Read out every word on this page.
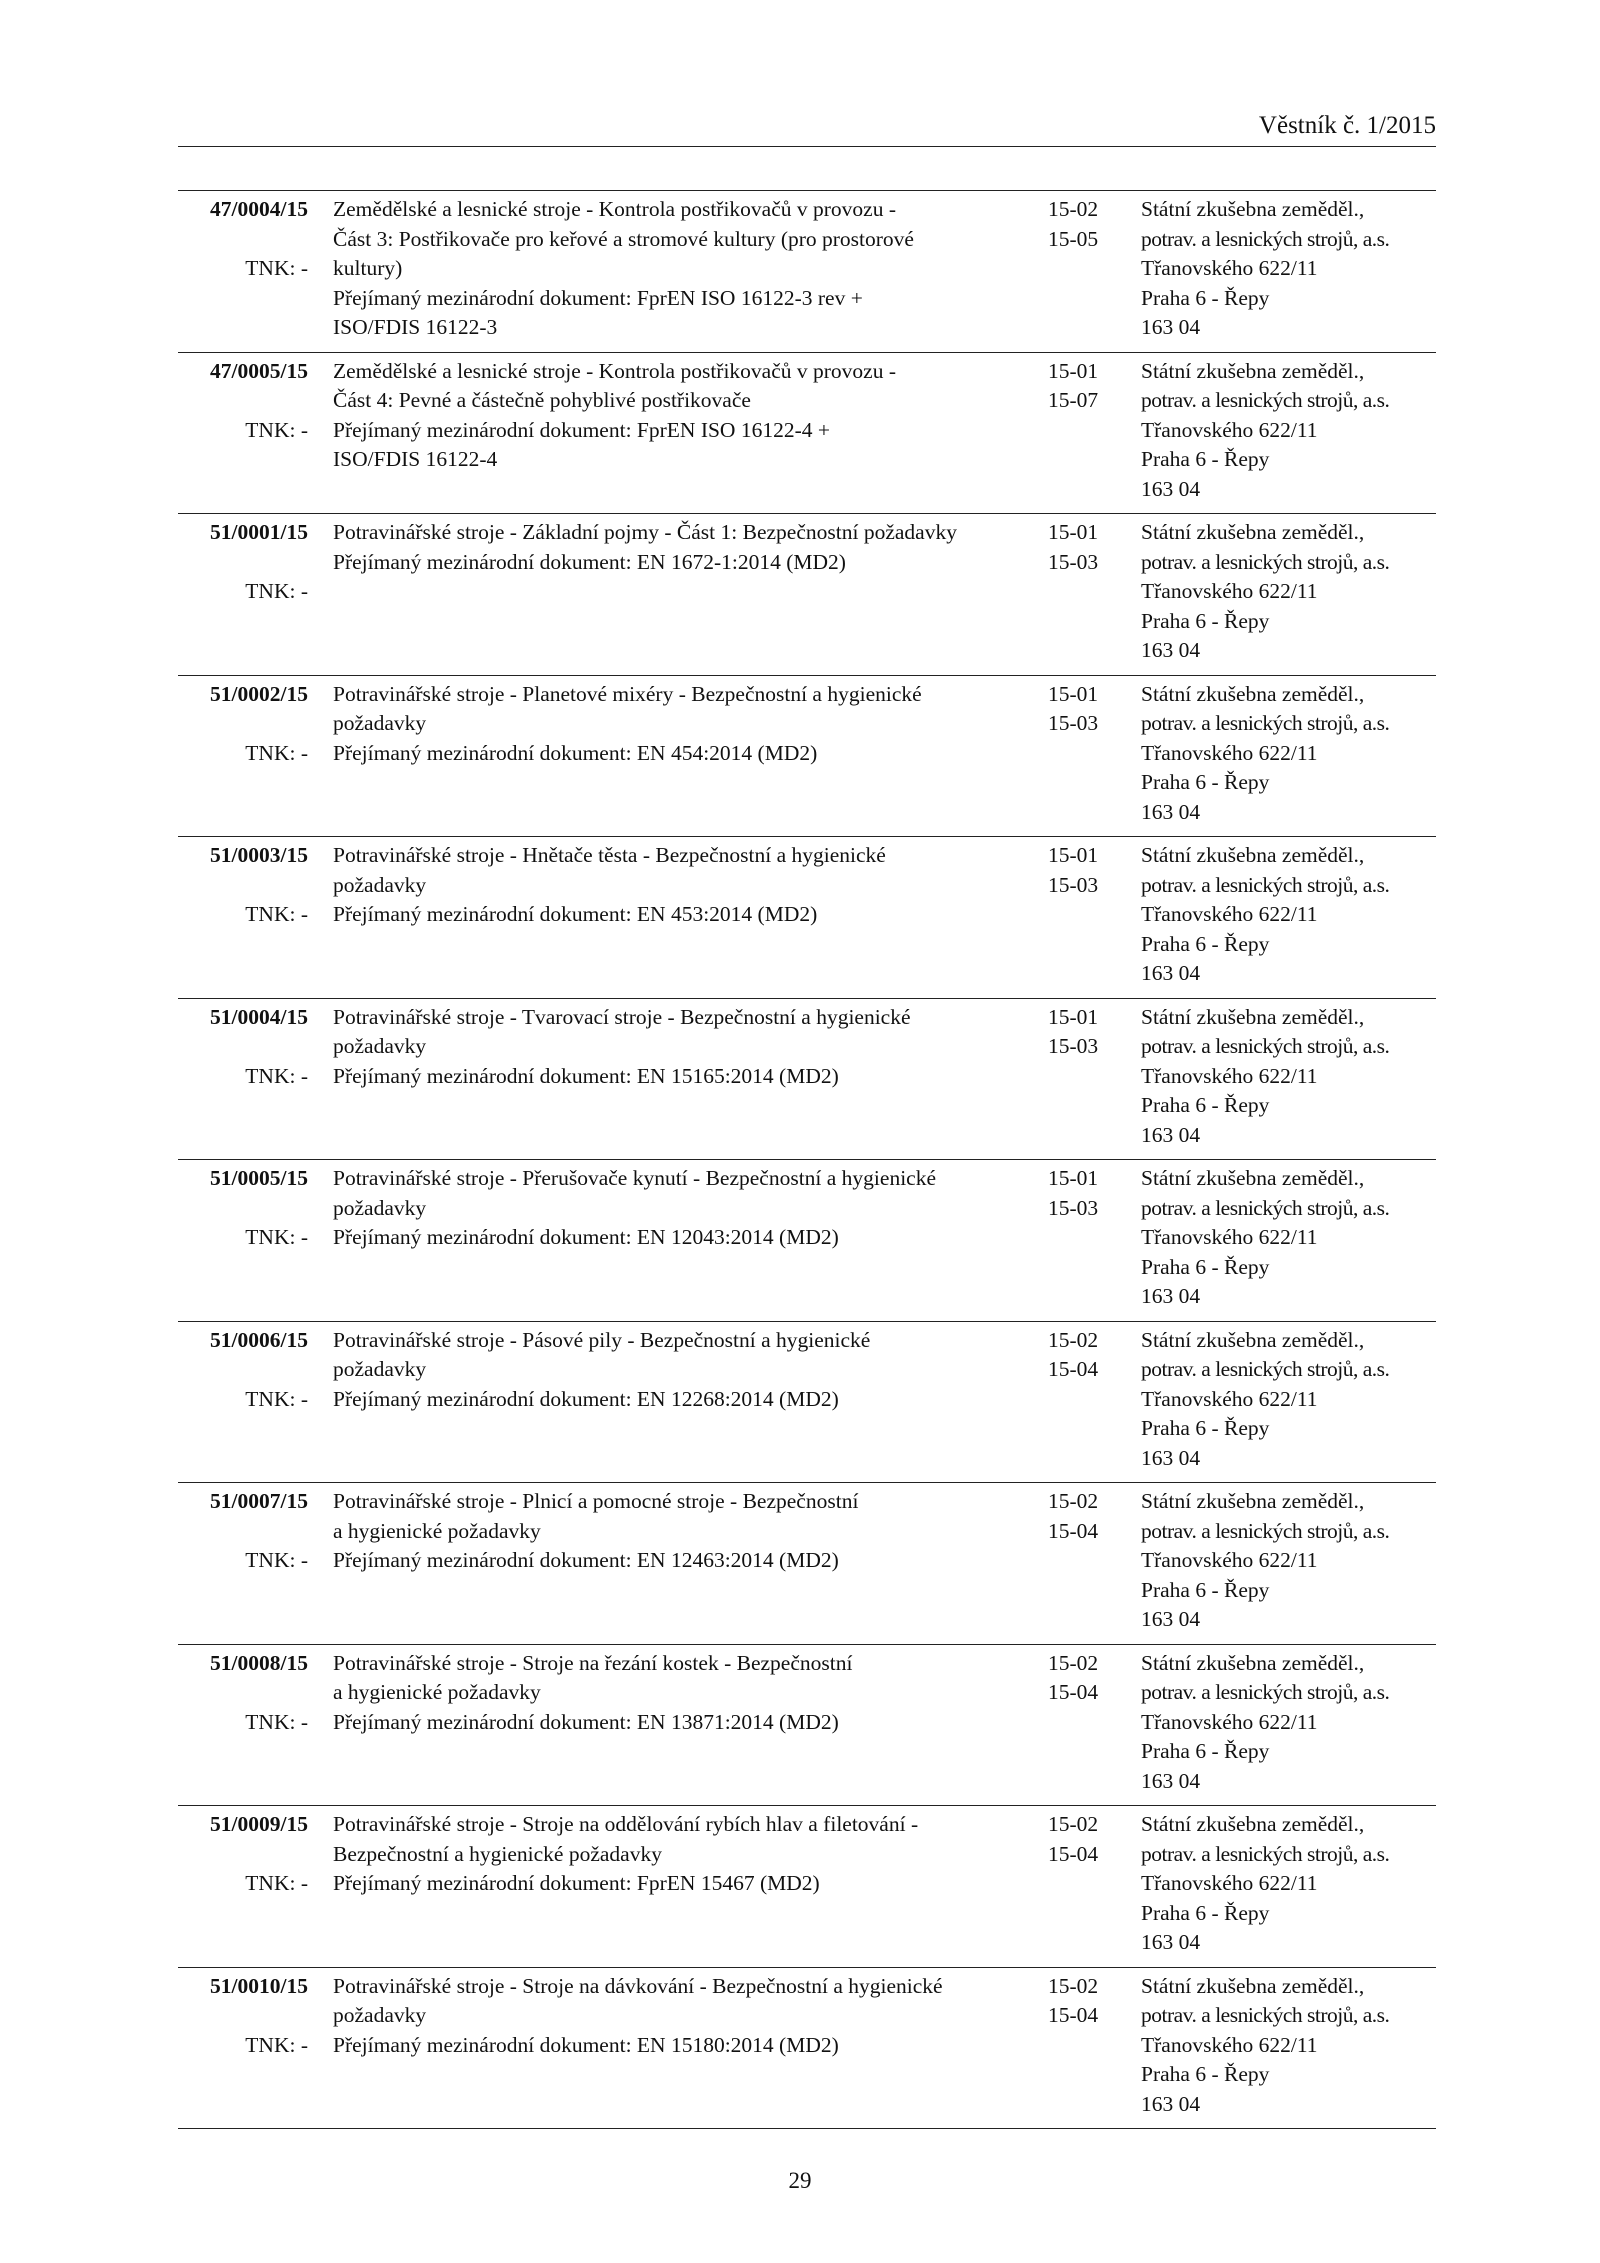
Věstník č. 1/2015
47/0004/15
TNK: -
Zemědělské a lesnické stroje - Kontrola postřikovačů v provozu -
Část 3: Postřikovače pro keřové a stromové kultury (pro prostorové
kultury)
Přejímaný mezinárodní dokument: FprEN ISO 16122-3 rev +
ISO/FDIS 16122-3
15-02
15-05
Státní zkušebna zeměděl.,
potrav. a lesnických strojů, a.s.
Třanovského 622/11
Praha 6 - Řepy
163 04
47/0005/15
TNK: -
Zemědělské a lesnické stroje - Kontrola postřikovačů v provozu -
Část 4: Pevné a částečně pohyblivé postřikovače
Přejímaný mezinárodní dokument: FprEN ISO 16122-4 +
ISO/FDIS 16122-4
15-01
15-07
Státní zkušebna zeměděl.,
potrav. a lesnických strojů, a.s.
Třanovského 622/11
Praha 6 - Řepy
163 04
51/0001/15
TNK: -
Potravinářské stroje - Základní pojmy - Část 1: Bezpečnostní požadavky
Přejímaný mezinárodní dokument: EN 1672-1:2014 (MD2)
15-01
15-03
Státní zkušebna zeměděl.,
potrav. a lesnických strojů, a.s.
Třanovského 622/11
Praha 6 - Řepy
163 04
51/0002/15
TNK: -
Potravinářské stroje - Planetové mixéry - Bezpečnostní a hygienické
požadavky
Přejímaný mezinárodní dokument: EN 454:2014 (MD2)
15-01
15-03
Státní zkušebna zeměděl.,
potrav. a lesnických strojů, a.s.
Třanovského 622/11
Praha 6 - Řepy
163 04
51/0003/15
TNK: -
Potravinářské stroje - Hnětače těsta - Bezpečnostní a hygienické
požadavky
Přejímaný mezinárodní dokument: EN 453:2014 (MD2)
15-01
15-03
Státní zkušebna zeměděl.,
potrav. a lesnických strojů, a.s.
Třanovského 622/11
Praha 6 - Řepy
163 04
51/0004/15
TNK: -
Potravinářské stroje - Tvarovací stroje - Bezpečnostní a hygienické
požadavky
Přejímaný mezinárodní dokument: EN 15165:2014 (MD2)
15-01
15-03
Státní zkušebna zeměděl.,
potrav. a lesnických strojů, a.s.
Třanovského 622/11
Praha 6 - Řepy
163 04
51/0005/15
TNK: -
Potravinářské stroje - Přerušovače kynutí - Bezpečnostní a hygienické
požadavky
Přejímaný mezinárodní dokument: EN 12043:2014 (MD2)
15-01
15-03
Státní zkušebna zeměděl.,
potrav. a lesnických strojů, a.s.
Třanovského 622/11
Praha 6 - Řepy
163 04
51/0006/15
TNK: -
Potravinářské stroje - Pásové pily - Bezpečnostní a hygienické
požadavky
Přejímaný mezinárodní dokument: EN 12268:2014 (MD2)
15-02
15-04
Státní zkušebna zeměděl.,
potrav. a lesnických strojů, a.s.
Třanovského 622/11
Praha 6 - Řepy
163 04
51/0007/15
TNK: -
Potravinářské stroje - Plnicí a pomocné stroje - Bezpečnostní
a hygienické požadavky
Přejímaný mezinárodní dokument: EN 12463:2014 (MD2)
15-02
15-04
Státní zkušebna zeměděl.,
potrav. a lesnických strojů, a.s.
Třanovského 622/11
Praha 6 - Řepy
163 04
51/0008/15
TNK: -
Potravinářské stroje - Stroje na řezání kostek - Bezpečnostní
a hygienické požadavky
Přejímaný mezinárodní dokument: EN 13871:2014 (MD2)
15-02
15-04
Státní zkušebna zeměděl.,
potrav. a lesnických strojů, a.s.
Třanovského 622/11
Praha 6 - Řepy
163 04
51/0009/15
TNK: -
Potravinářské stroje - Stroje na oddělování rybích hlav a filetování -
Bezpečnostní a hygienické požadavky
Přejímaný mezinárodní dokument: FprEN 15467 (MD2)
15-02
15-04
Státní zkušebna zeměděl.,
potrav. a lesnických strojů, a.s.
Třanovského 622/11
Praha 6 - Řepy
163 04
51/0010/15
TNK: -
Potravinářské stroje - Stroje na dávkování - Bezpečnostní a hygienické
požadavky
Přejímaný mezinárodní dokument: EN 15180:2014 (MD2)
15-02
15-04
Státní zkušebna zeměděl.,
potrav. a lesnických strojů, a.s.
Třanovského 622/11
Praha 6 - Řepy
163 04
29
